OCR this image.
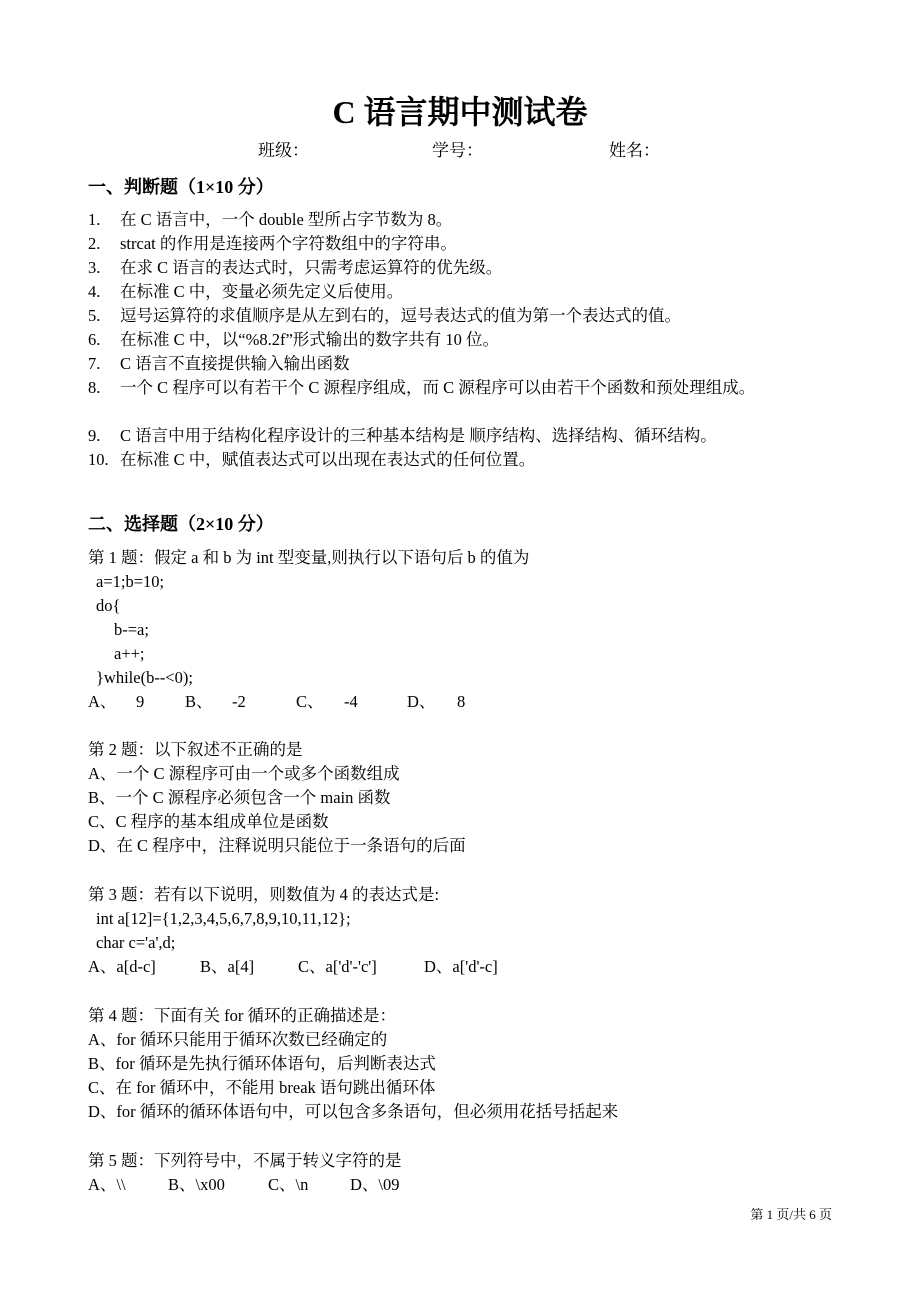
C 语言期中测试卷
班级：	学号：	姓名：
一、判断题（1×10 分）
1. 在 C 语言中，一个 double 型所占字节数为 8。
2. strcat 的作用是连接两个字符数组中的字符串。
3. 在求 C 语言的表达式时，只需考虑运算符的优先级。
4. 在标准 C 中，变量必须先定义后使用。
5. 逗号运算符的求值顺序是从左到右的，逗号表达式的值为第一个表达式的值。
6. 在标准 C 中，以“%8.2f”形式输出的数字共有 10 位。
7. C 语言不直接提供输入输出函数
8. 一个 C 程序可以有若干个 C 源程序组成，而 C 源程序可以由若干个函数和预处理组成。
9. C 语言中用于结构化程序设计的三种基本结构是 顺序结构、选择结构、循环结构。
10. 在标准 C 中，赋值表达式可以出现在表达式的任何位置。
二、选择题（2×10 分）
第 1 题：假定 a 和 b 为 int 型变量,则执行以下语句后 b 的值为
a=1;b=10;
do{
b-=a;
a++;
}while(b--<0);
A、 9 B、 -2	C、 -4	D、 8
第 2 题：以下叙述不正确的是
A、一个 C 源程序可由一个或多个函数组成
B、一个 C 源程序必须包含一个 main 函数
C、C 程序的基本组成单位是函数
D、在 C 程序中，注释说明只能位于一条语句的后面
第 3 题：若有以下说明，则数值为 4 的表达式是:
int a[12]={1,2,3,4,5,6,7,8,9,10,11,12};
char c='a',d;
A、a[d-c]	B、a[4]	C、a['d'-'c']	D、a['d'-c]
第 4 题：下面有关 for 循环的正确描述是：
A、for 循环只能用于循环次数已经确定的
B、for 循环是先执行循环体语句，后判断表达式
C、在 for 循环中，不能用 break 语句跳出循环体
D、for 循环的循环体语句中，可以包含多条语句，但必须用花括号括起来
第 5 题：下列符号中，不属于转义字符的是
A、\\	B、\x00	C、\n	D、\09
第 1 页/共 6 页
